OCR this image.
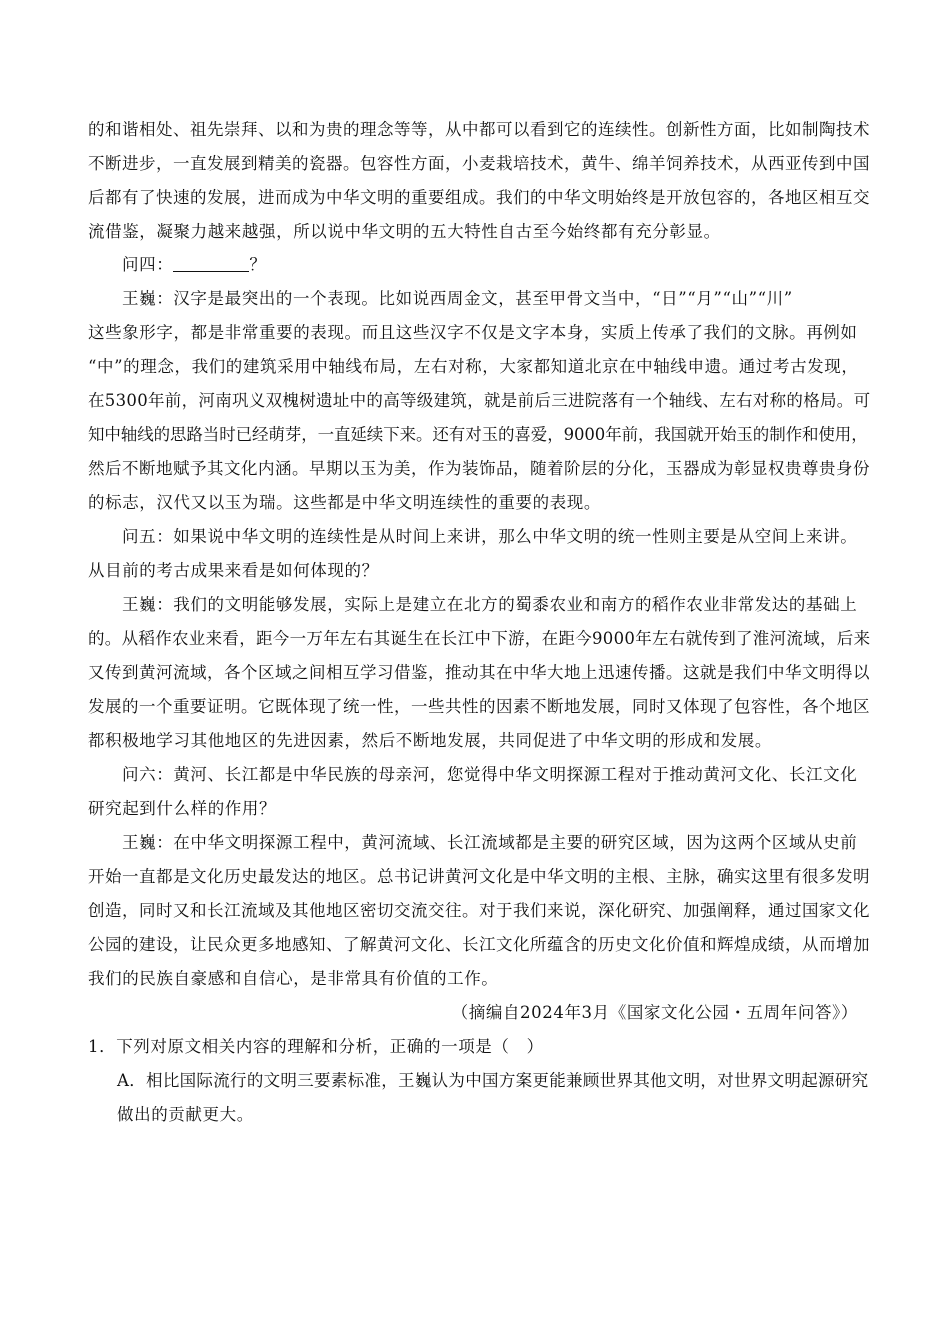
的和谐相处、祖先崇拜、以和为贵的理念等等，从中都可以看到它的连续性。创新性方面，比如制陶技术
不断进步，一直发展到精美的瓷器。包容性方面，小麦栽培技术，黄牛、绵羊饲养技术，从西亚传到中国
后都有了快速的发展，进而成为中华文明的重要组成。我们的中华文明始终是开放包容的，各地区相互交
流借鉴，凝聚力越来越强，所以说中华文明的五大特性自古至今始终都有充分彰显。
问四：	？
王巍：汉字是最突出的一个表现。比如说西周金文，甚至甲骨文当中，“日”“月”“山”“川”
这些象形字，都是非常重要的表现。而且这些汉字不仅是文字本身，实质上传承了我们的文脉。再例如
“中”的理念，我们的建筑采用中轴线布局，左右对称，大家都知道北京在中轴线申遗。通过考古发现，
在5300年前，河南巩义双槐树遗址中的高等级建筑，就是前后三进院落有一个轴线、左右对称的格局。可
知中轴线的思路当时已经萌芽，一直延续下来。还有对玉的喜爱，9000年前，我国就开始玉的制作和使用，
然后不断地赋予其文化内涵。早期以玉为美，作为装饰品，随着阶层的分化，玉器成为彰显权贵尊贵身份
的标志，汉代又以玉为瑞。这些都是中华文明连续性的重要的表现。
问五：如果说中华文明的连续性是从时间上来讲，那么中华文明的统一性则主要是从空间上来讲。
从目前的考古成果来看是如何体现的？
王巍：我们的文明能够发展，实际上是建立在北方的蜀黍农业和南方的稻作农业非常发达的基础上
的。从稻作农业来看，距今一万年左右其诞生在长江中下游，在距今9000年左右就传到了淮河流域，后来
又传到黄河流域，各个区域之间相互学习借鉴，推动其在中华大地上迅速传播。这就是我们中华文明得以
发展的一个重要证明。它既体现了统一性，一些共性的因素不断地发展，同时又体现了包容性，各个地区
都积极地学习其他地区的先进因素，然后不断地发展，共同促进了中华文明的形成和发展。
问六：黄河、长江都是中华民族的母亲河，您觉得中华文明探源工程对于推动黄河文化、长江文化
研究起到什么样的作用？
王巍：在中华文明探源工程中，黄河流域、长江流域都是主要的研究区域，因为这两个区域从史前
开始一直都是文化历史最发达的地区。总书记讲黄河文化是中华文明的主根、主脉，确实这里有很多发明
创造，同时又和长江流域及其他地区密切交流交往。对于我们来说，深化研究、加强阐释，通过国家文化
公园的建设，让民众更多地感知、了解黄河文化、长江文化所蕴含的历史文化价值和辉煌成绩，从而增加
我们的民族自豪感和自信心，是非常具有价值的工作。
（摘编自2024年3月《国家文化公园・五周年问答》）
1．下列对原文相关内容的理解和分析，正确的一项是（　）
A．相比国际流行的文明三要素标准，王巍认为中国方案更能兼顾世界其他文明，对世界文明起源研究
做出的贡献更大。
